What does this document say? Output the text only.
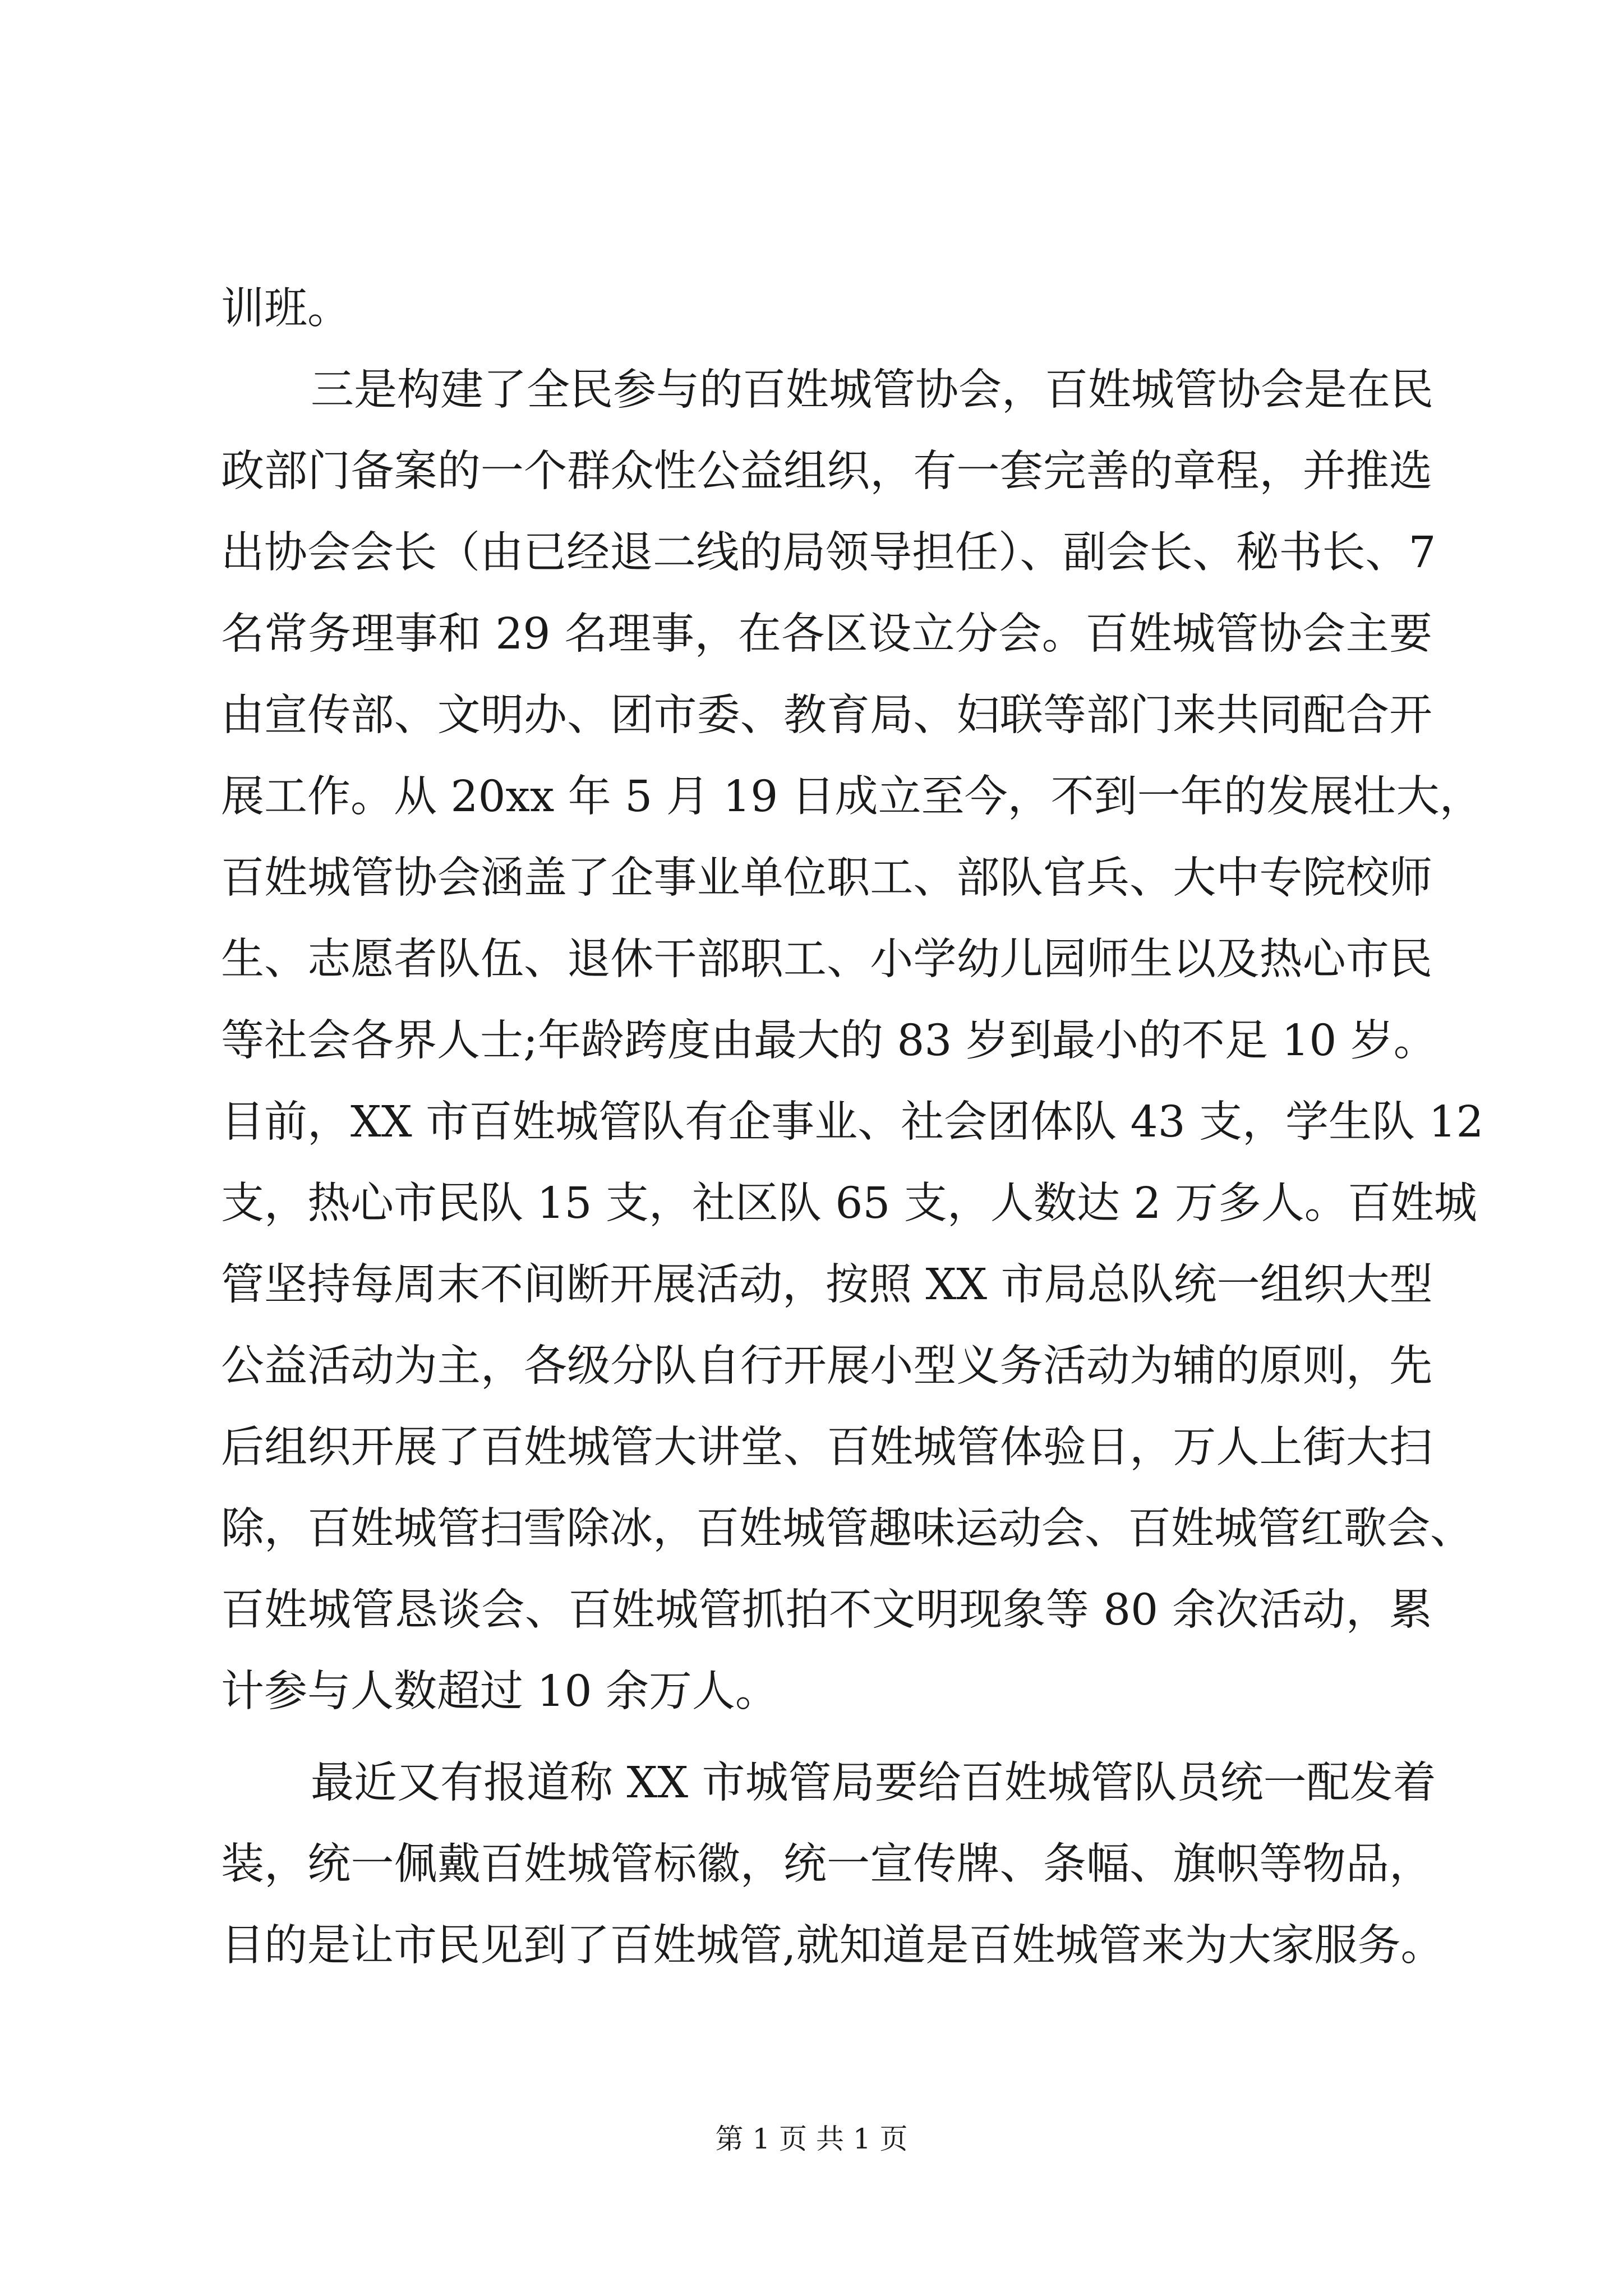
训班。
三是构建了全民参与的百姓城管协会，百姓城管协会是在民
政部门备案的一个群众性公益组织，有一套完善的章程，并推选
出协会会长（由已经退二线的局领导担任）、副会长、秘书长、7
名常务理事和 29 名理事，在各区设立分会。百姓城管协会主要
由宣传部、文明办、团市委、教育局、妇联等部门来共同配合开
展工作。从 20xx 年 5 月 19 日成立至今，不到一年的发展壮大，
百姓城管协会涵盖了企事业单位职工、部队官兵、大中专院校师
生、志愿者队伍、退休干部职工、小学幼儿园师生以及热心市民
等社会各界人士;年龄跨度由最大的 83 岁到最小的不足 10 岁。
目前，XX 市百姓城管队有企事业、社会团体队 43 支，学生队 12
支，热心市民队 15 支，社区队 65 支，人数达 2 万多人。百姓城
管坚持每周末不间断开展活动，按照 XX 市局总队统一组织大型
公益活动为主，各级分队自行开展小型义务活动为辅的原则，先
后组织开展了百姓城管大讲堂、百姓城管体验日，万人上街大扫
除，百姓城管扫雪除冰，百姓城管趣味运动会、百姓城管红歌会、
百姓城管恳谈会、百姓城管抓拍不文明现象等 80 余次活动，累
计参与人数超过 10 余万人。
最近又有报道称 XX 市城管局要给百姓城管队员统一配发着
装，统一佩戴百姓城管标徽，统一宣传牌、条幅、旗帜等物品，
目的是让市民见到了百姓城管,就知道是百姓城管来为大家服务。
第 1 页 共 1 页
